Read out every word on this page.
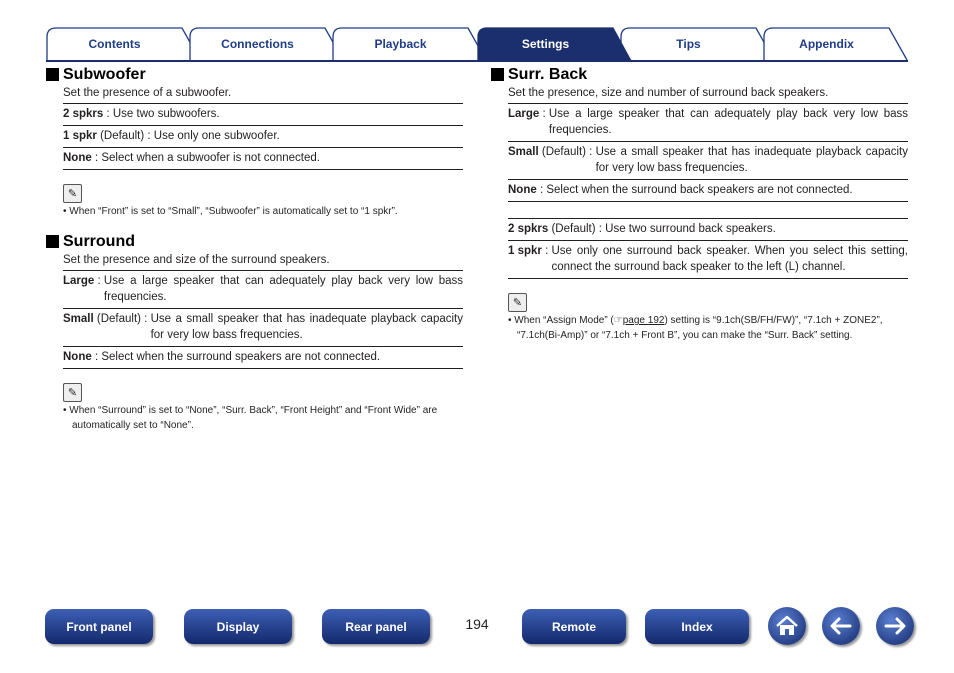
Contents	Connections	Playback	Tips	Appendix
Settings
Subwoofer
Set the presence of a subwoofer.
2 spkrs : Use two subwoofers.
1 spkr (Default) : Use only one subwoofer.
None : Select when a subwoofer is not connected.
✎
• When “Front” is set to “Small”, “Subwoofer” is automatically set to “1 spkr”.
Surround
Set the presence and size of the surround speakers.
Large : Use a large speaker that can adequately play back very low bass frequencies.
Small (Default) : Use a small speaker that has inadequate playback capacity for very low bass frequencies.
None : Select when the surround speakers are not connected.
✎
• When “Surround” is set to “None”, “Surr. Back”, “Front Height” and “Front Wide” are automatically set to “None”.
Surr. Back
Set the presence, size and number of surround back speakers.
Large : Use a large speaker that can adequately play back very low bass frequencies.
Small (Default) : Use a small speaker that has inadequate playback capacity for very low bass frequencies.
None : Select when the surround back speakers are not connected.
2 spkrs (Default) : Use two surround back speakers.
1 spkr : Use only one surround back speaker. When you select this setting, connect the surround back speaker to the left (L) channel.
✎
• When “Assign Mode” (☞page 192) setting is “9.1ch(SB/FH/FW)”, “7.1ch + ZONE2”, “7.1ch(Bi-Amp)” or “7.1ch + Front B”, you can make the “Surr. Back” setting.
Front panel	Display	Rear panel	194	Remote	Index
